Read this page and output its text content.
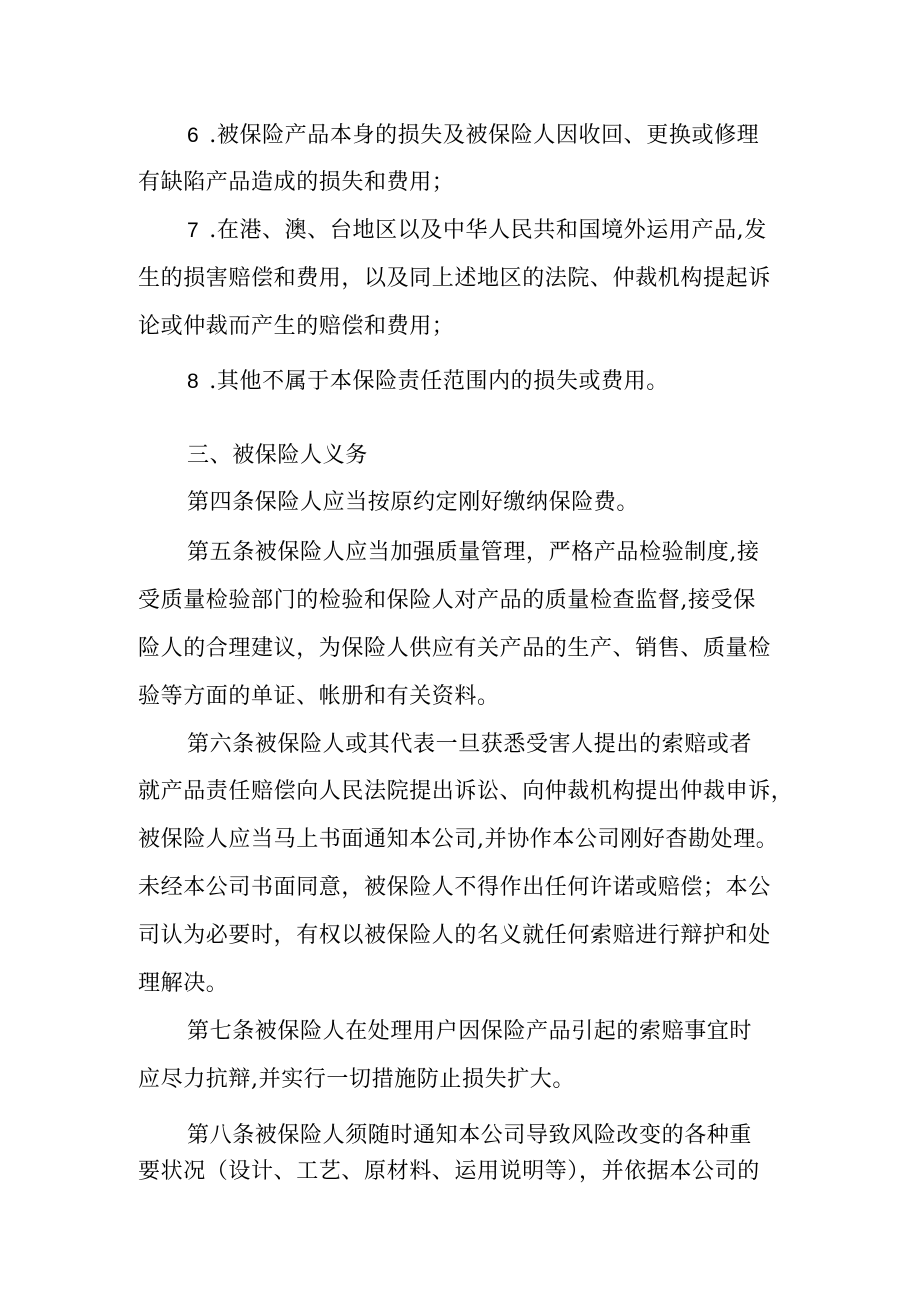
6 .被保险产品本身的损失及被保险人因收回、更换或修理
有缺陷产品造成的损失和费用；
7 .在港、澳、台地区以及中华人民共和国境外运用产品,发
生的损害赔偿和费用，以及同上述地区的法院、仲裁机构提起诉
论或仲裁而产生的赔偿和费用；
8 .其他不属于本保险责任范围内的损失或费用。
三、被保险人义务
第四条保险人应当按原约定刚好缴纳保险费。
第五条被保险人应当加强质量管理，严格产品检验制度,接
受质量检验部门的检验和保险人对产品的质量检查监督,接受保
险人的合理建议，为保险人供应有关产品的生产、销售、质量检
验等方面的单证、帐册和有关资料。
第六条被保险人或其代表一旦获悉受害人提出的索赔或者
就产品责任赔偿向人民法院提出诉讼、向仲裁机构提出仲裁申诉，
被保险人应当马上书面通知本公司,并协作本公司刚好杳勘处理。
未经本公司书面同意，被保险人不得作出任何许诺或赔偿；本公
司认为必要时，有权以被保险人的名义就任何索赔进行辩护和处
理解决。
第七条被保险人在处理用户因保险产品引起的索赔事宜时
应尽力抗辩,并实行一切措施防止损失扩大。
第八条被保险人须随时通知本公司导致风险改变的各种重
要状况（设计、工艺、原材料、运用说明等），并依据本公司的
